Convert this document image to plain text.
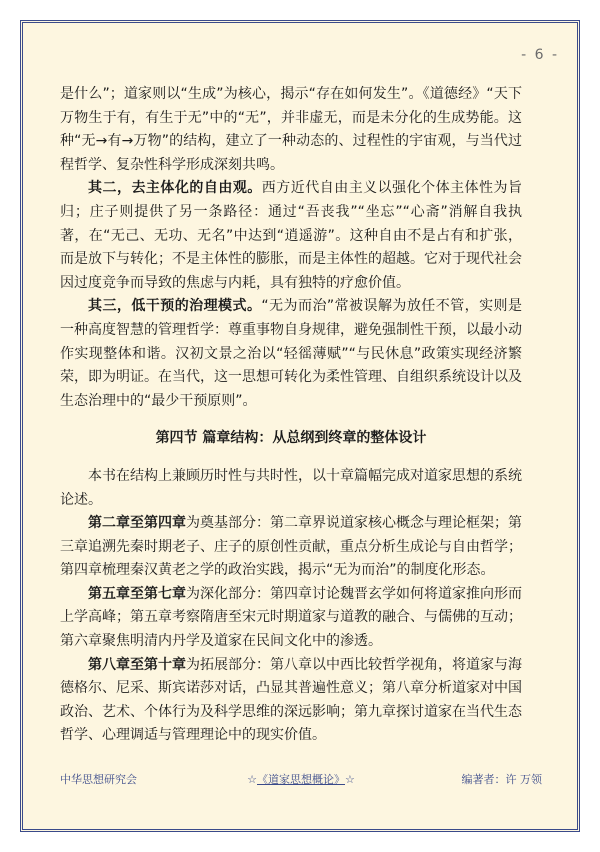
- 6 -

是什么”；道家则以“生成”为核心，揭示“存在如何发生”。《道德经》“天下万物生于有，有生于无”中的“无”，并非虚无，而是未分化的生成势能。这种“无→有→万物”的结构，建立了一种动态的、过程性的宇宙观，与当代过程哲学、复杂性科学形成深刻共鸣。

其二，去主体化的自由观。西方近代自由主义以强化个体主体性为旨归；庄子则提供了另一条路径：通过“吾丧我”“坐忘”“心斋”消解自我执著，在“无己、无功、无名”中达到“逍遥游”。这种自由不是占有和扩张，而是放下与转化；不是主体性的膨胀，而是主体性的超越。它对于现代社会因过度竞争而导致的焦虑与内耗，具有独特的疗愈价值。

其三，低干预的治理模式。“无为而治”常被误解为放任不管，实则是一种高度智慧的管理哲学：尊重事物自身规律，避免强制性干预，以最小动作实现整体和谐。汉初文景之治以“轻徭薄赋”“与民休息”政策实现经济繁荣，即为明证。在当代，这一思想可转化为柔性管理、自组织系统设计以及生态治理中的“最少干预原则”。

第四节 篇章结构：从总纲到终章的整体设计

本书在结构上兼顾历时性与共时性，以十章篇幅完成对道家思想的系统论述。

第二章至第四章为奠基部分：第二章界说道家核心概念与理论框架；第三章追溯先秦时期老子、庄子的原创性贡献，重点分析生成论与自由哲学；第四章梳理秦汉黄老之学的政治实践，揭示“无为而治”的制度化形态。

第五章至第七章为深化部分：第四章讨论魏晋玄学如何将道家推向形而上学高峰；第五章考察隋唐至宋元时期道家与道教的融合、与儒佛的互动；第六章聚焦明清内丹学及道家在民间文化中的渗透。

第八章至第十章为拓展部分：第八章以中西比较哲学视角，将道家与海德格尔、尼采、斯宾诺莎对话，凸显其普遍性意义；第八章分析道家对中国政治、艺术、个体行为及科学思维的深远影响；第九章探讨道家在当代生态哲学、心理调适与管理理论中的现实价值。

中华思想研究会	☆《道家思想概论》☆	编著者：许 万领
